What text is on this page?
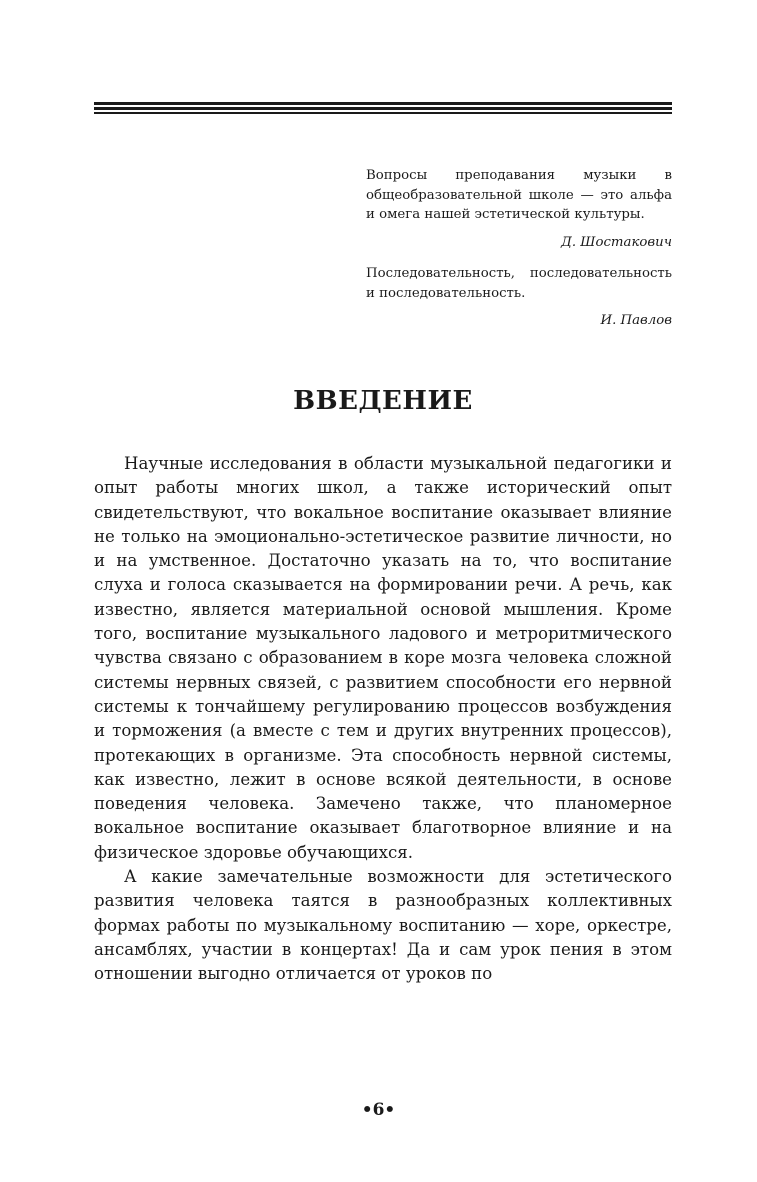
Вопросы преподавания музыки в общеобразовательной школе — это альфа и омега нашей эстетической культуры.

Д. Шостакович

Последовательность, последовательность и последовательность.

И. Павлов

ВВЕДЕНИЕ

Научные исследования в области музыкальной педагогики и опыт работы многих школ, а также исторический опыт свидетельствуют, что вокальное воспитание оказывает влияние не только на эмоционально-эстетическое развитие личности, но и на умственное. Достаточно указать на то, что воспитание слуха и голоса сказывается на формировании речи. А речь, как известно, является материальной основой мышления. Кроме того, воспитание музыкального ладового и метроритмического чувства связано с образованием в коре мозга человека сложной системы нервных связей, с развитием способности его нервной системы к тончайшему регулированию процессов возбуждения и торможения (а вместе с тем и других внутренних процессов), протекающих в организме. Эта способность нервной системы, как известно, лежит в основе всякой деятельности, в основе поведения человека. Замечено также, что планомерное вокальное воспитание оказывает благотворное влияние и на физическое здоровье обучающихся.

А какие замечательные возможности для эстетического развития человека таятся в разнообразных коллективных формах работы по музыкальному воспитанию — хоре, оркестре, ансамблях, участии в концертах! Да и сам урок пения в этом отношении выгодно отличается от уроков по

•6•
